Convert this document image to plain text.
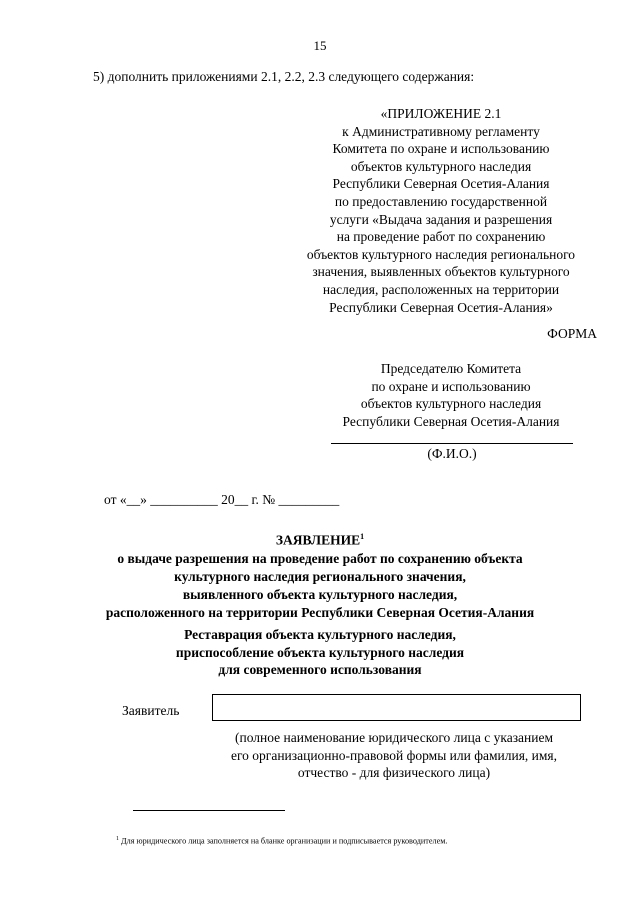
15
5) дополнить приложениями 2.1, 2.2, 2.3 следующего содержания:
«ПРИЛОЖЕНИЕ 2.1
к Административному регламенту
Комитета по охране и использованию
объектов культурного наследия
Республики Северная Осетия-Алания
по предоставлению государственной
услуги «Выдача задания и разрешения
на проведение работ по сохранению
объектов культурного наследия регионального
значения, выявленных объектов культурного
наследия, расположенных на территории
Республики Северная Осетия-Алания»
ФОРМА
Председателю Комитета
по охране и использованию
объектов культурного наследия
Республики Северная Осетия-Алания
(Ф.И.О.)
от «__» __________ 20__ г. № _________
ЗАЯВЛЕНИЕ$^1$
о выдаче разрешения на проведение работ по сохранению объекта
культурного наследия регионального значения,
выявленного объекта культурного наследия,
расположенного на территории Республики Северная Осетия-Алания
Реставрация объекта культурного наследия,
приспособление объекта культурного наследия
для современного использования
Заявитель
(полное наименование юридического лица с указанием
его организационно-правовой формы или фамилия, имя,
отчество - для физического лица)
$^1$ Для юридического лица заполняется на бланке организации и подписывается руководителем.
